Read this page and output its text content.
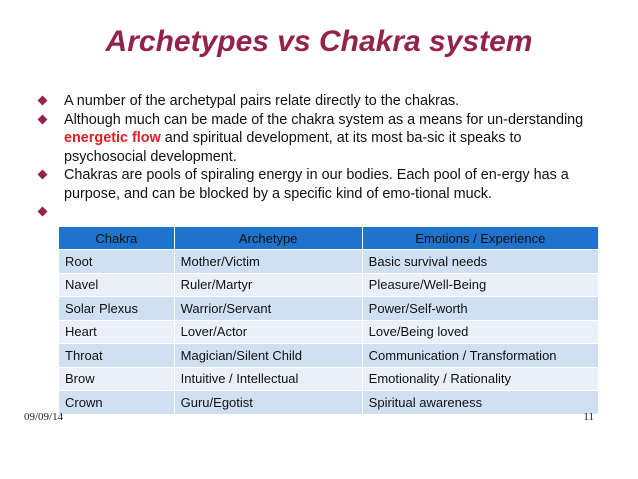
Archetypes vs Chakra system
A number of the archetypal pairs relate directly to the chakras.
Although much can be made of the chakra system as a means for un-derstanding energetic flow and spiritual development, at its most ba-sic it speaks to psychosocial development.
Chakras are pools of spiraling energy in our bodies. Each pool of en-ergy has a purpose, and can be blocked by a specific kind of emo-tional muck.
Chakra	Archetype	Emotions / Experience
Root	Mother/Victim	Basic survival needs
Navel	Ruler/Martyr	Pleasure/Well-Being
Solar Plexus	Warrior/Servant	Power/Self-worth
Heart	Lover/Actor	Love/Being loved
Throat	Magician/Silent Child	Communication / Transformation
Brow	Intuitive / Intellectual	Emotionality / Rationality
Crown	Guru/Egotist	Spiritual awareness
09/09/14	11
